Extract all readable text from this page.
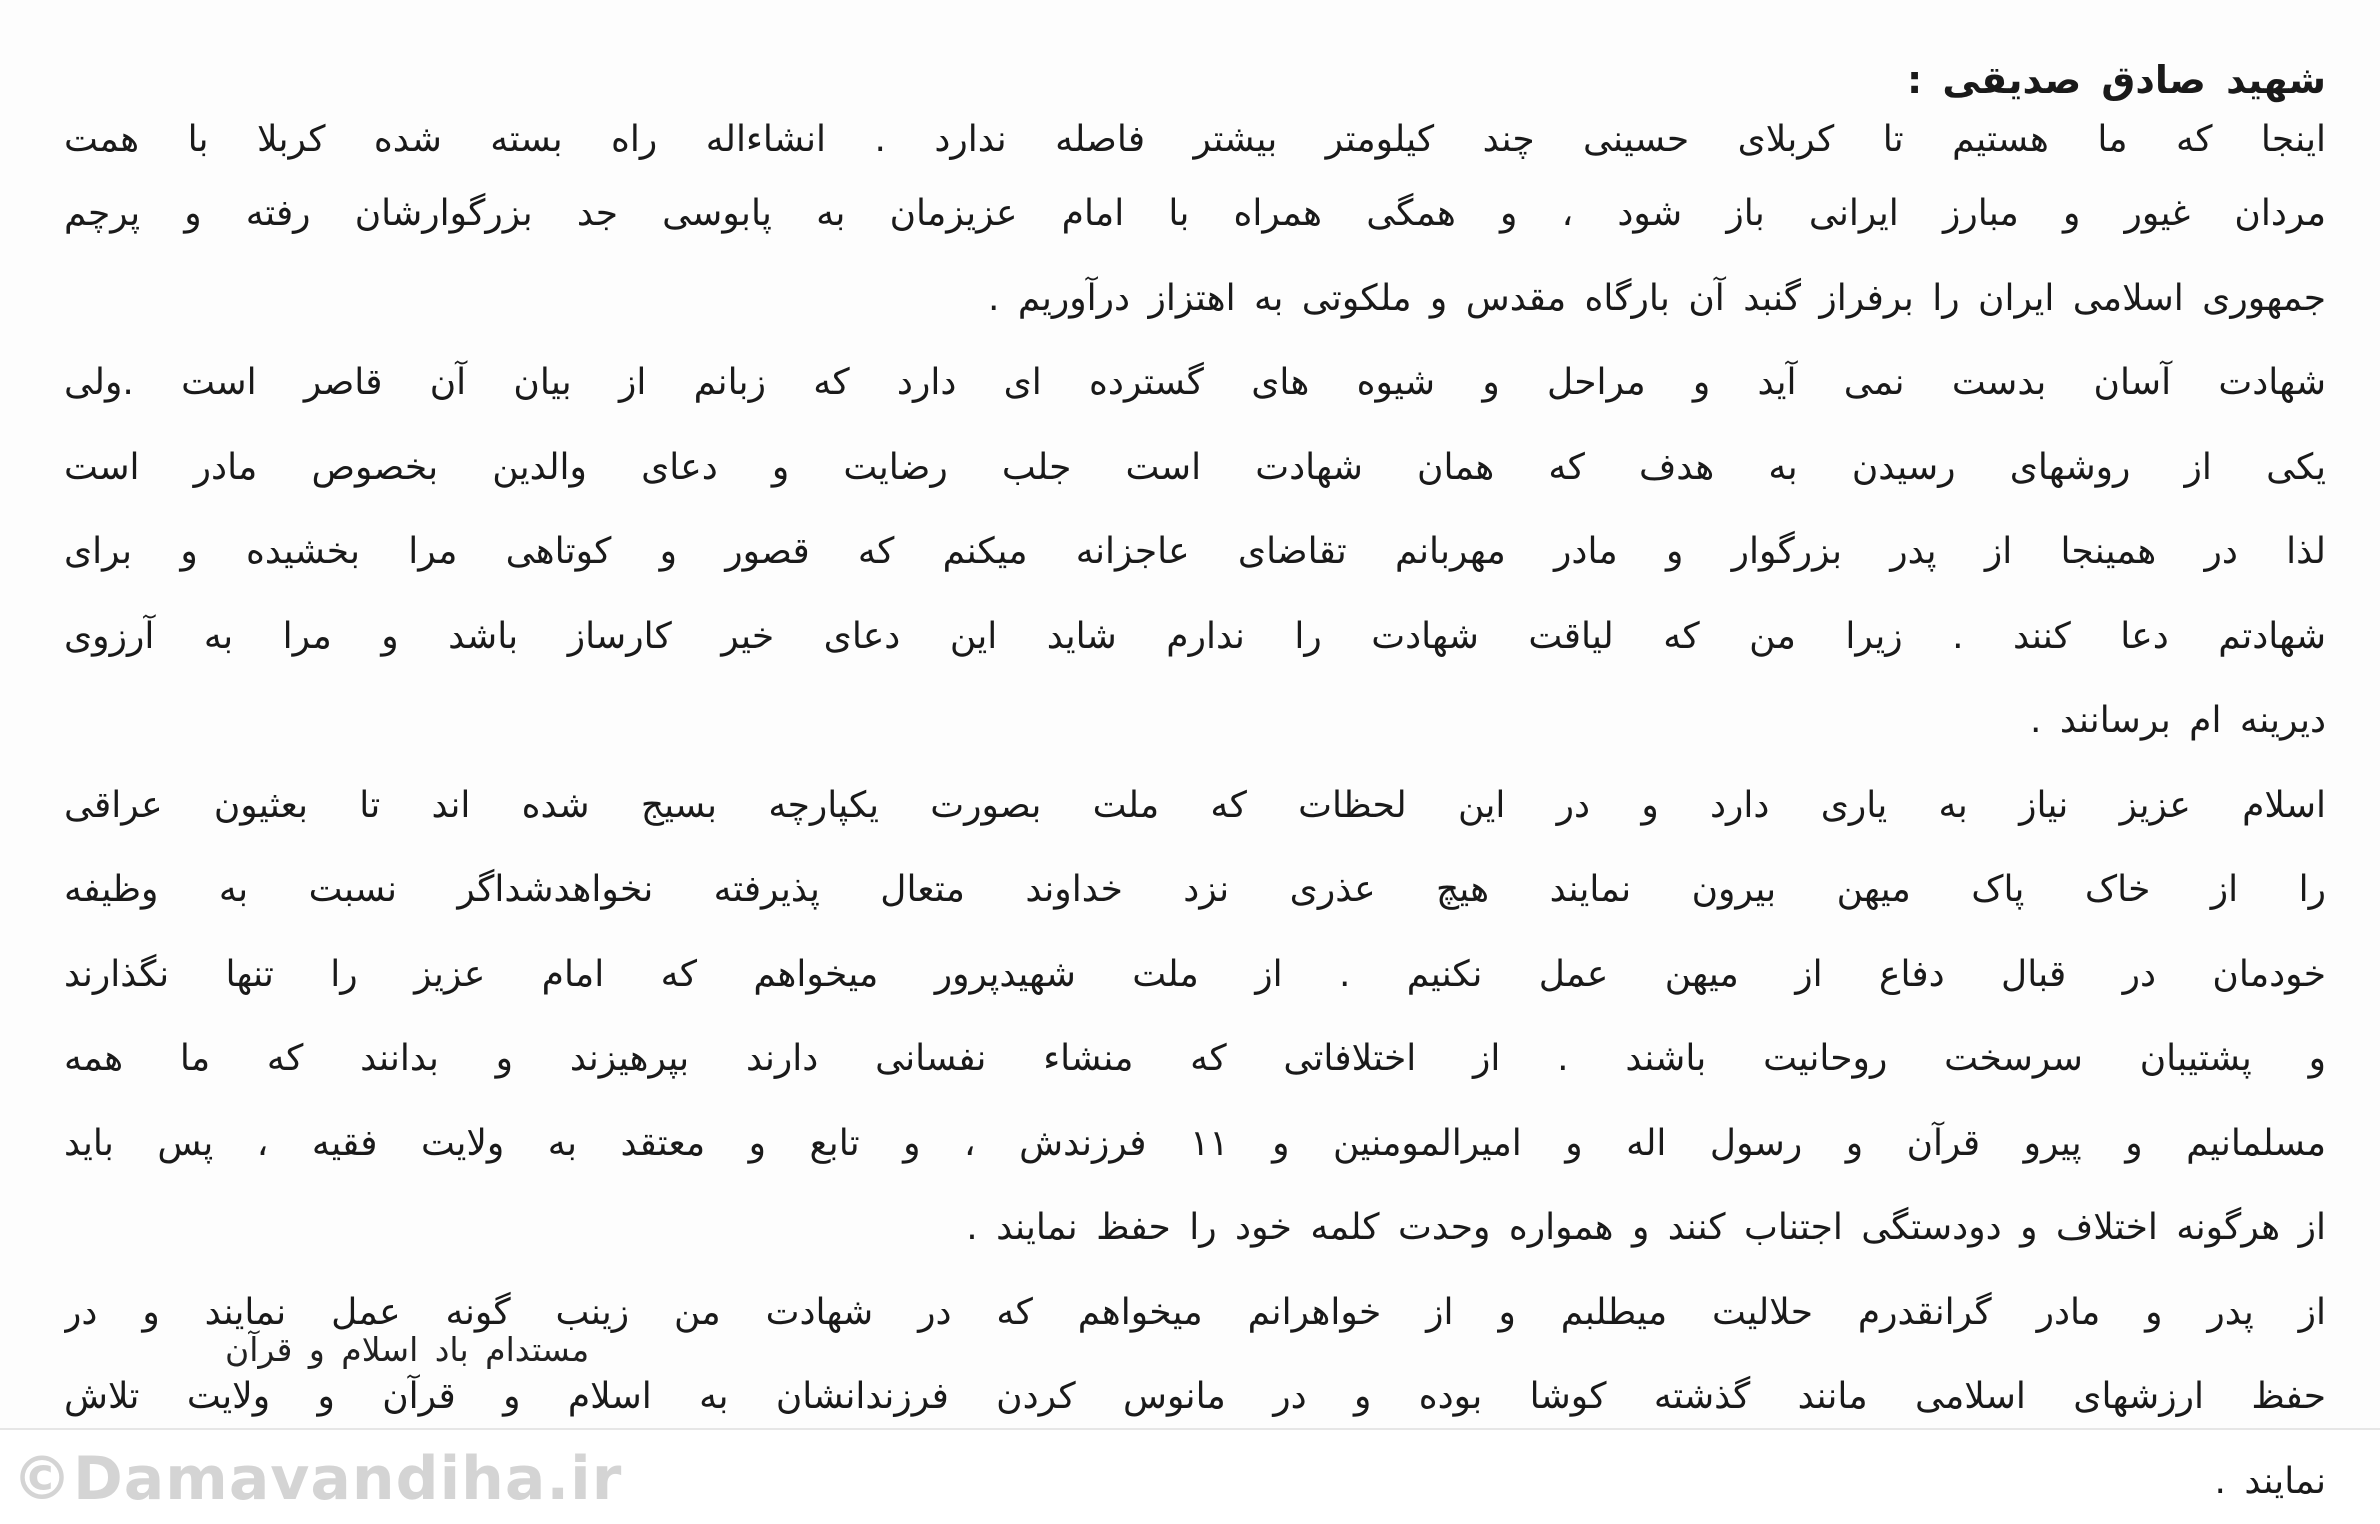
شهید صادق صدیقی :
اینجا که ما هستیم تا کربلای حسینی چند کیلومتر بیشتر فاصله ندارد . انشاءاله راه بسته شده کربلا با همت
مردان غیور و مبارز ایرانی باز شود ، و همگی همراه با امام عزیزمان به پابوسی جد بزرگوارشان رفته و پرچم
جمهوری اسلامی ایران را برفراز گنبد آن بارگاه مقدس و ملکوتی به اهتزاز درآوریم .
شهادت آسان بدست نمی آید و مراحل و شیوه های گسترده ای دارد که زبانم از بیان آن قاصر است .ولی
یکی از روشهای رسیدن به هدف که همان شهادت است جلب رضایت و دعای والدین بخصوص مادر است
لذا در همینجا از پدر بزرگوار و مادر مهربانم تقاضای عاجزانه میکنم که قصور و کوتاهی مرا بخشیده و برای
شهادتم دعا کنند . زیرا من که لیاقت شهادت را ندارم شاید این دعای خیر کارساز باشد و مرا به آرزوی
دیرینه ام برسانند .
اسلام عزیز نیاز به یاری دارد و در این لحظات که ملت بصورت یکپارچه بسیج شده اند تا بعثیون عراقی
را از خاک پاک میهن بیرون نمایند هیچ عذری نزد خداوند متعال پذیرفته نخواهدشداگر نسبت به وظیفه
خودمان در قبال دفاع از میهن عمل نکنیم . از ملت شهیدپرور میخواهم که امام عزیز را تنها نگذارند
و پشتیبان سرسخت روحانیت باشند . از اختلافاتی که منشاء نفسانی دارند بپرهیزند و بدانند که ما همه
مسلمانیم و پیرو قرآن و رسول اله و امیرالمومنین و ۱۱ فرزندش ، و تابع و معتقد به ولایت فقیه ، پس باید
از هرگونه اختلاف و دودستگی اجتناب کنند و همواره وحدت کلمه خود را حفظ نمایند .
از پدر و مادر گرانقدرم حلالیت میطلبم و از خواهرانم میخواهم که در شهادت من زینب گونه عمل نمایند و در
حفظ ارزشهای اسلامی مانند گذشته کوشا بوده و در مانوس کردن فرزندانشان به اسلام و قرآن و ولایت تلاش
نمایند .
مستدام باد اسلام و قرآن
©Damavandiha.ir
